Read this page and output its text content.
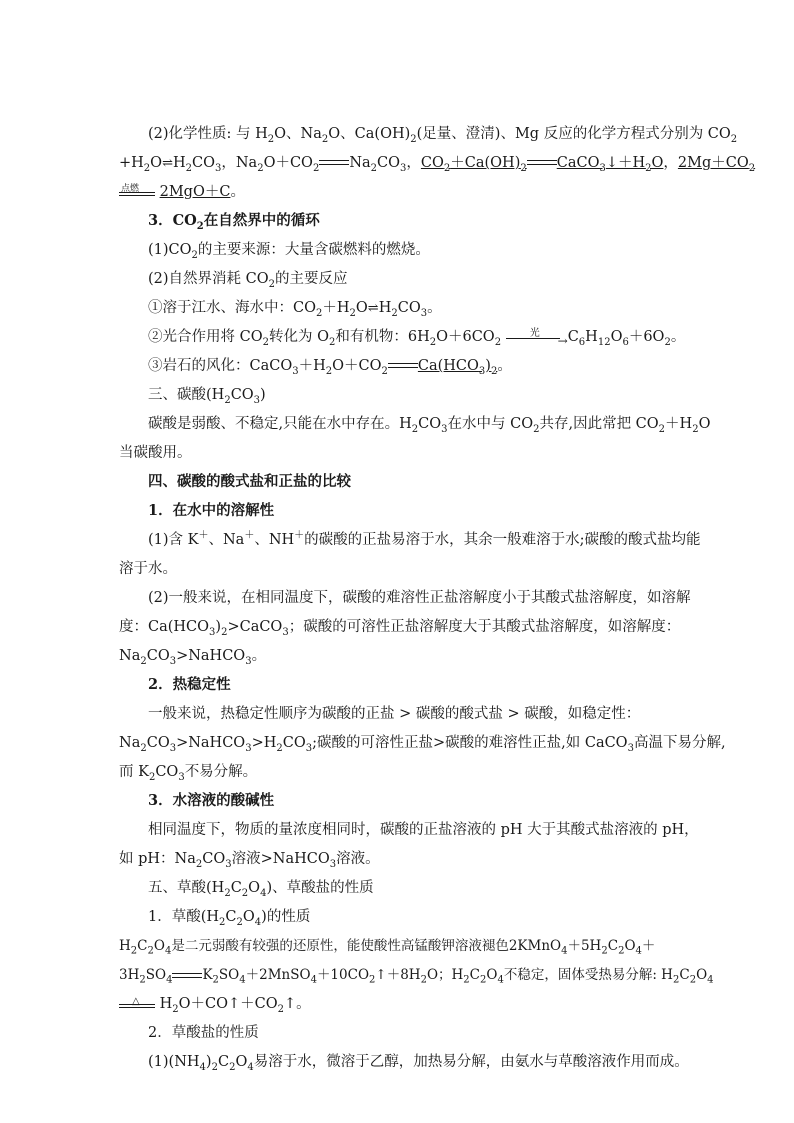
(2)化学性质: 与 $H_2O$、$Na_2O$、$Ca(OH)_2$(足量、澄清)、Mg 反应的化学方程式分别为 $CO_2$
$+H_2O\rightleftharpoons H_2CO_3$，$Na_2O+CO_2$ $Na_2CO_3$，$CO_2+Ca(OH)_2$ $CaCO_3↓+H_2O$，$2Mg+CO_2$
点燃 2MgO＋C。
3．$CO_2$在自然界中的循环
$(1)CO_2$的主要来源：大量含碳燃料的燃烧。
(2)自然界消耗 $CO_2$的主要反应
①溶于江水、海水中：$CO_2+H_2O\rightleftharpoons H_2CO_3$。
②光合作用将 $CO_2$转化为 $O_2$和有机物：$6H_2O+6CO_2$
光
→ $C_6H_{12}O_6+6O_2$。
③岩石的风化：$CaCO_3+H_2O+CO_2$ $Ca(HCO_3)_2$。
三、碳酸$(H_2CO_3)$
碳酸是弱酸、不稳定,只能在水中存在。$H_2CO_3$在水中与 $CO_2$共存,因此常把 $CO_2+H_2O$
当碳酸用。
四、碳酸的酸式盐和正盐的比较
1．在水中的溶解性
(1)含 K＋、Na＋、NH＋的碳酸的正盐易溶于水，其余一般难溶于水;碳酸的酸式盐均能
溶于水。
(2)一般来说，在相同温度下，碳酸的难溶性正盐溶解度小于其酸式盐溶解度，如溶解
度：$Ca(HCO_3)_2>CaCO_3$；碳酸的可溶性正盐溶解度大于其酸式盐溶解度，如溶解度：
$Na_2CO_3>NaHCO_3$。
2．热稳定性
一般来说，热稳定性顺序为碳酸的正盐 > 碳酸的酸式盐 > 碳酸，如稳定性：
$Na_2CO_3>NaHCO_3>H_2CO_3$;碳酸的可溶性正盐>碳酸的难溶性正盐,如 CaCO$_3$高温下易分解,
而 $K_2CO_3$不易分解。
3．水溶液的酸碱性
相同温度下，物质的量浓度相同时，碳酸的正盐溶液的 pH 大于其酸式盐溶液的 pH，
如 pH：$Na_2CO_3$溶液>NaHCO$_3$溶液。
五、草酸$(H_2C_2O_4)$、草酸盐的性质
1．草酸$(H_2C_2O_4)$的性质
$H_2C_2O_4$是二元弱酸有较强的还原性，能使酸性高锰酸钾溶液褪色$2KMnO_4+5H_2C_2O_4+$
$3H_2SO_4$ $K_2SO_4+2MnSO_4+10CO_2↑+8H_2O$；$H_2C_2O_4$不稳定，固体受热易分解: $H_2C_2O_4$
△ $H_2O+CO↑+CO_2↑$。
2．草酸盐的性质
$(1)(NH_4)_2C_2O_4$易溶于水，微溶于乙醇，加热易分解，由氨水与草酸溶液作用而成。
